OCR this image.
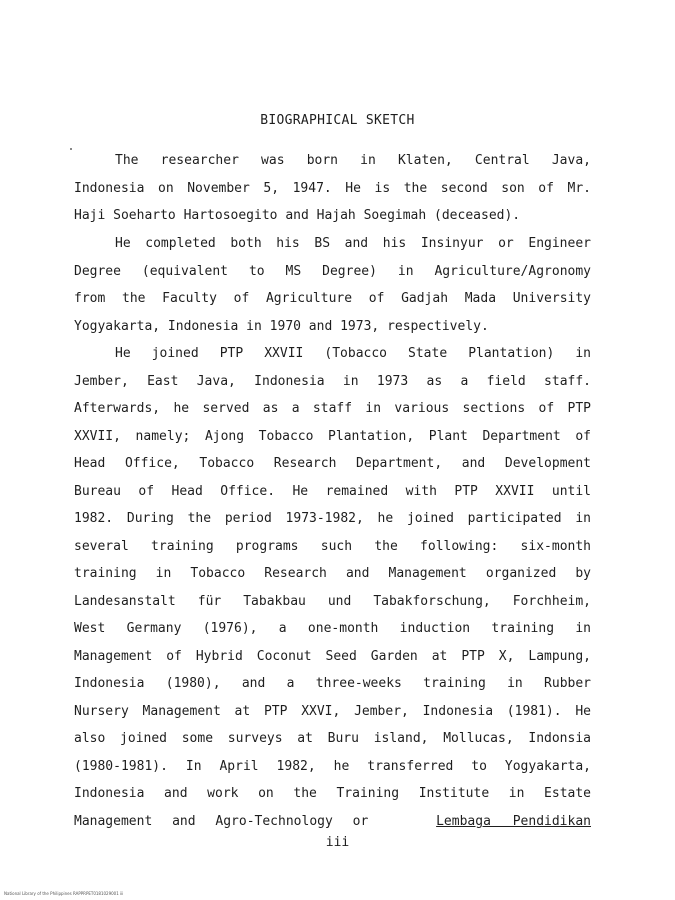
BIOGRAPHICAL SKETCH
The researcher was born in Klaten, Central Java,
Indonesia on November 5, 1947. He is the second son of Mr.
Haji Soeharto Hartosoegito and Hajah Soegimah (deceased).
He completed both his BS and his Insinyur or Engineer
Degree (equivalent to MS Degree) in Agriculture/Agronomy
from the Faculty of Agriculture of Gadjah Mada University
Yogyakarta, Indonesia in 1970 and 1973, respectively.
He joined PTP XXVII (Tobacco State Plantation) in
Jember, East Java, Indonesia in 1973 as a field staff.
Afterwards, he served as a staff in various sections of PTP
XXVII, namely; Ajong Tobacco Plantation, Plant Department of
Head Office, Tobacco Research Department, and Development
Bureau of Head Office. He remained with PTP XXVII until
1982. During the period 1973-1982, he joined participated in
several training programs such the following: six-month
training in Tobacco Research and Management organized by
Landesanstalt für Tabakbau und Tabakforschung, Forchheim,
West Germany (1976), a one-month induction training in
Management of Hybrid Coconut Seed Garden at PTP X, Lampung,
Indonesia (1980), and a three-weeks training in Rubber
Nursery Management at PTP XXVI, Jember, Indonesia (1981). He
also joined some surveys at Buru island, Mollucas, Indonsia
(1980-1981). In April 1982, he transferred to Yogyakarta,
Indonesia and work on the Training Institute in Estate
Management and Agro-Technology or	Lembaga Pendidikan
iii
National Library of the Philippines RAPPRPET0181029001 iii
